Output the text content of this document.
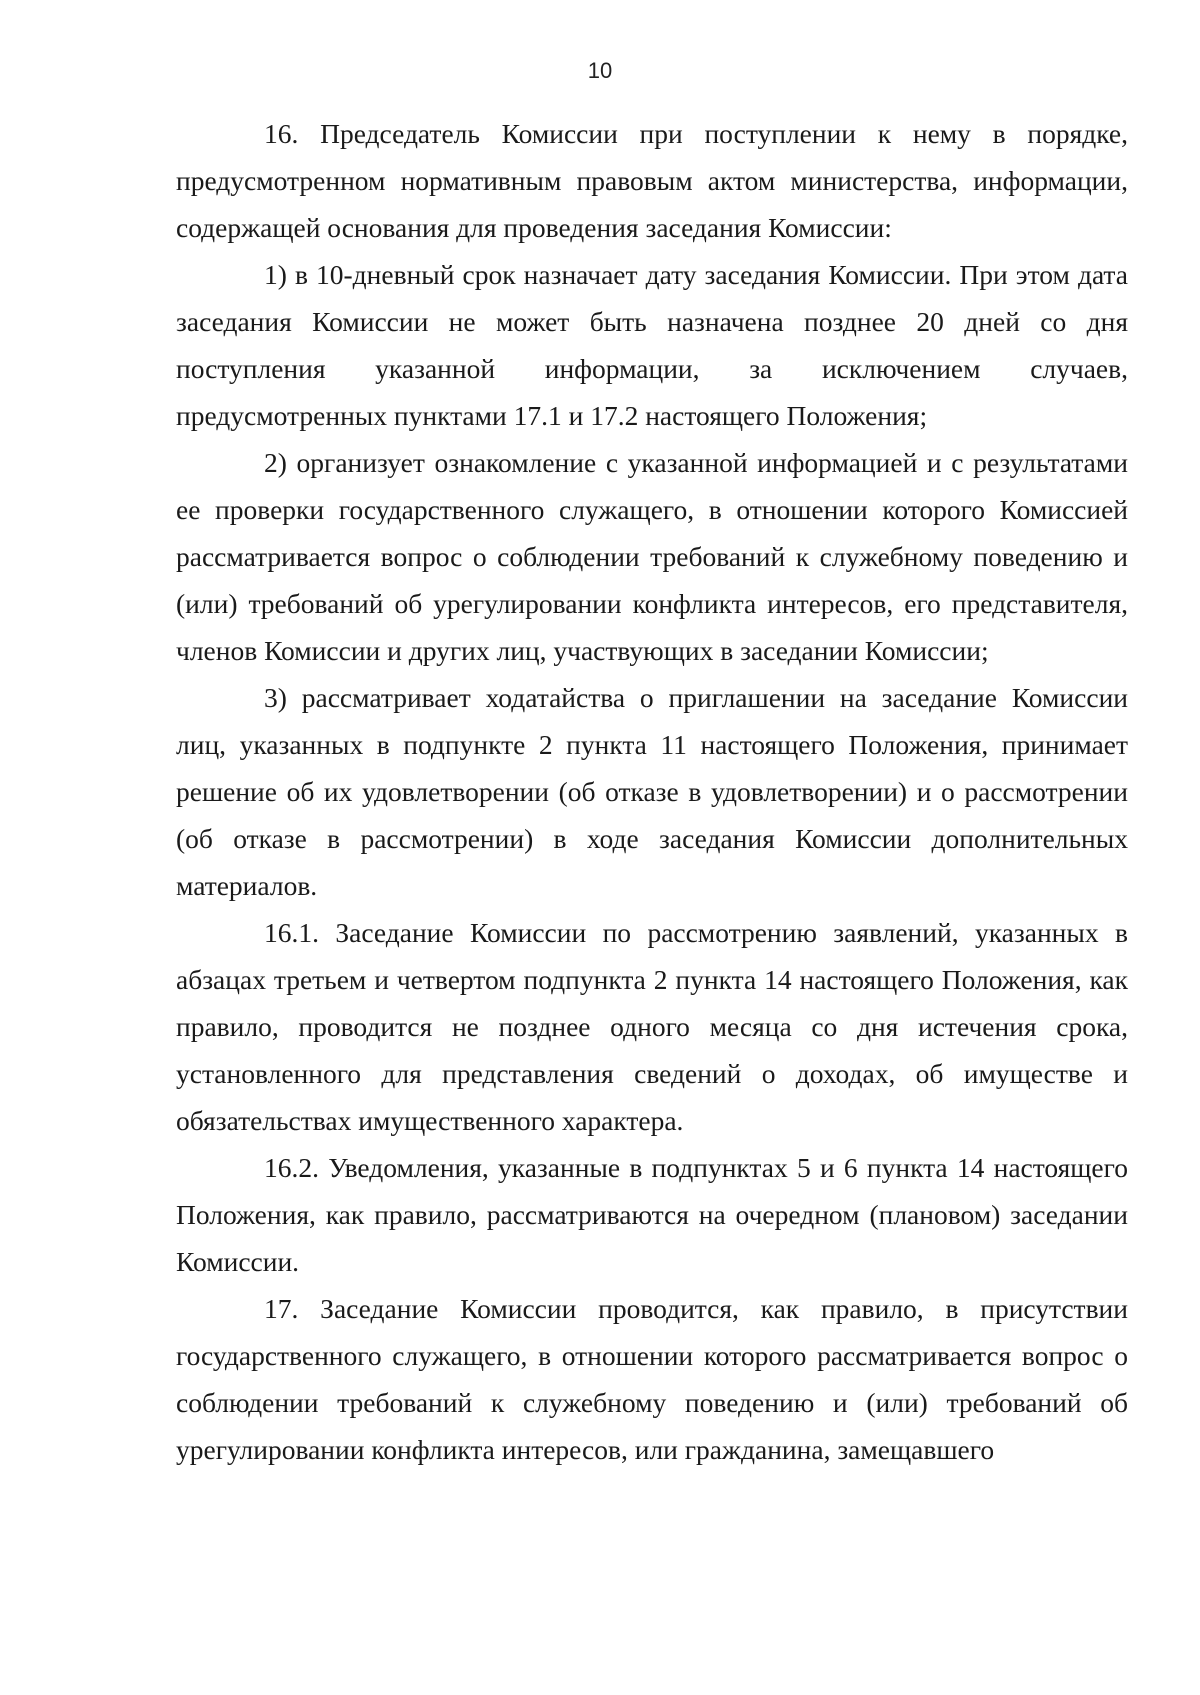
10

16. Председатель Комиссии при поступлении к нему в порядке, предусмотренном нормативным правовым актом министерства, информации, содержащей основания для проведения заседания Комиссии:

1) в 10-дневный срок назначает дату заседания Комиссии. При этом дата заседания Комиссии не может быть назначена позднее 20 дней со дня поступления указанной информации, за исключением случаев, предусмотренных пунктами 17.1 и 17.2 настоящего Положения;

2) организует ознакомление с указанной информацией и с результатами ее проверки государственного служащего, в отношении которого Комиссией рассматривается вопрос о соблюдении требований к служебному поведению и (или) требований об урегулировании конфликта интересов, его представителя, членов Комиссии и других лиц, участвующих в заседании Комиссии;

3) рассматривает ходатайства о приглашении на заседание Комиссии лиц, указанных в подпункте 2 пункта 11 настоящего Положения, принимает решение об их удовлетворении (об отказе в удовлетворении) и о рассмотрении (об отказе в рассмотрении) в ходе заседания Комиссии дополнительных материалов.

16.1. Заседание Комиссии по рассмотрению заявлений, указанных в абзацах третьем и четвертом подпункта 2 пункта 14 настоящего Положения, как правило, проводится не позднее одного месяца со дня истечения срока, установленного для представления сведений о доходах, об имуществе и обязательствах имущественного характера.

16.2. Уведомления, указанные в подпунктах 5 и 6 пункта 14 настоящего Положения, как правило, рассматриваются на очередном (плановом) заседании Комиссии.

17. Заседание Комиссии проводится, как правило, в присутствии государственного служащего, в отношении которого рассматривается вопрос о соблюдении требований к служебному поведению и (или) требований об урегулировании конфликта интересов, или гражданина, замещавшего
